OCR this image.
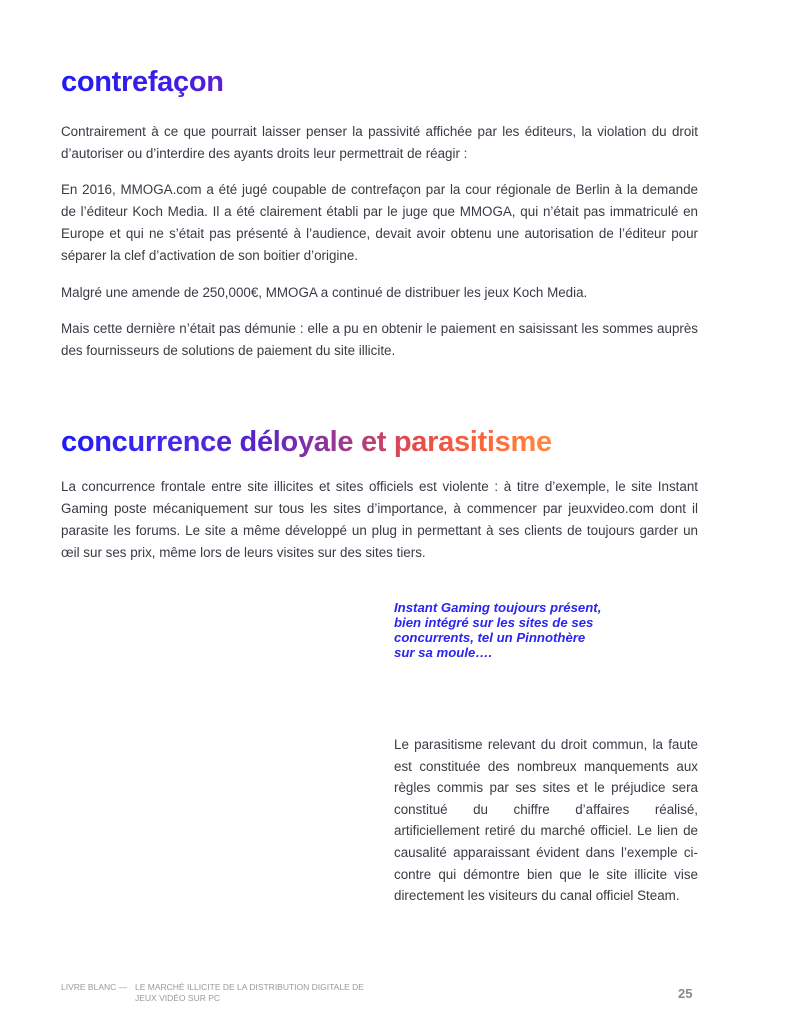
contrefaçon

Contrairement à ce que pourrait laisser penser la passivité affichée par les éditeurs, la violation du droit d’autoriser ou d’interdire des ayants droits leur permettrait de réagir :

En 2016, MMOGA.com a été jugé coupable de contrefaçon par la cour régionale de Berlin à la demande de l’éditeur Koch Media. Il a été clairement établi par le juge que MMOGA, qui n’était pas immatriculé en Europe et qui ne s’était pas présenté à l’audience, devait avoir obtenu une autorisation de l’éditeur pour séparer la clef d’activation de son boitier d’origine.

Malgré une amende de 250,000€, MMOGA a continué de distribuer les jeux Koch Media.

Mais cette dernière n’était pas démunie : elle a pu en obtenir le paiement en saisissant les sommes auprès des fournisseurs de solutions de paiement du site illicite.

concurrence déloyale et parasitisme

La concurrence frontale entre site illicites et sites officiels est violente : à titre d’exemple, le site Instant Gaming poste mécaniquement sur tous les sites d’importance, à commencer par jeuxvideo.com dont il parasite les forums. Le site a même développé un plug in permettant à ses clients de toujours garder un œil sur ses prix, même lors de leurs visites sur des sites tiers.

Instant Gaming toujours présent, bien intégré sur les sites de ses concurrents, tel un Pinnothère sur sa moule….

Le parasitisme relevant du droit commun, la faute est constituée des nombreux manquements aux règles commis par ses sites et le préjudice sera constitué du chiffre d’affaires réalisé, artificiellement retiré du marché officiel. Le lien de causalité apparaissant évident dans l’exemple ci-contre qui démontre bien que le site illicite vise directement les visiteurs du canal officiel Steam.

LIVRE BLANC — LE MARCHÉ ILLICITE DE LA DISTRIBUTION DIGITALE DE JEUX VIDÉO SUR PC	25
